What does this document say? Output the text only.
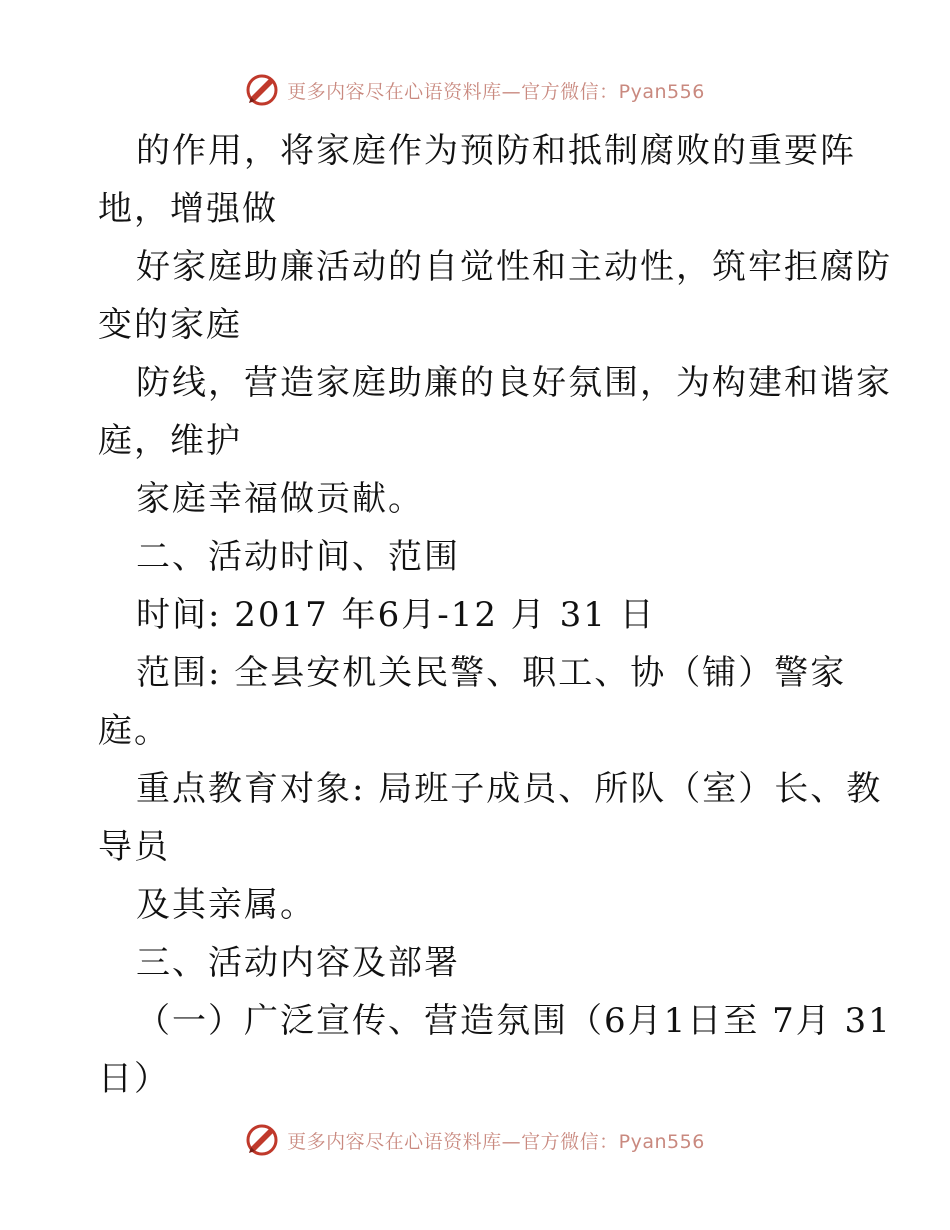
更多内容尽在心语资料库—官方微信：Pyan556

的作用，将家庭作为预防和抵制腐败的重要阵
地，增强做

好家庭助廉活动的自觉性和主动性，筑牢拒腐防
变的家庭

防线，营造家庭助廉的良好氛围，为构建和谐家
庭，维护

家庭幸福做贡献。

二、活动时间、范围

时间: 2017 年6月-12 月 31 日

范围: 全县安机关民警、职工、协（铺）警家
庭。

重点教育对象: 局班子成员、所队（室）长、教
导员

及其亲属。

三、活动内容及部署

（一）广泛宣传、营造氛围（6月1日至 7月 31
日）

更多内容尽在心语资料库—官方微信：Pyan556
